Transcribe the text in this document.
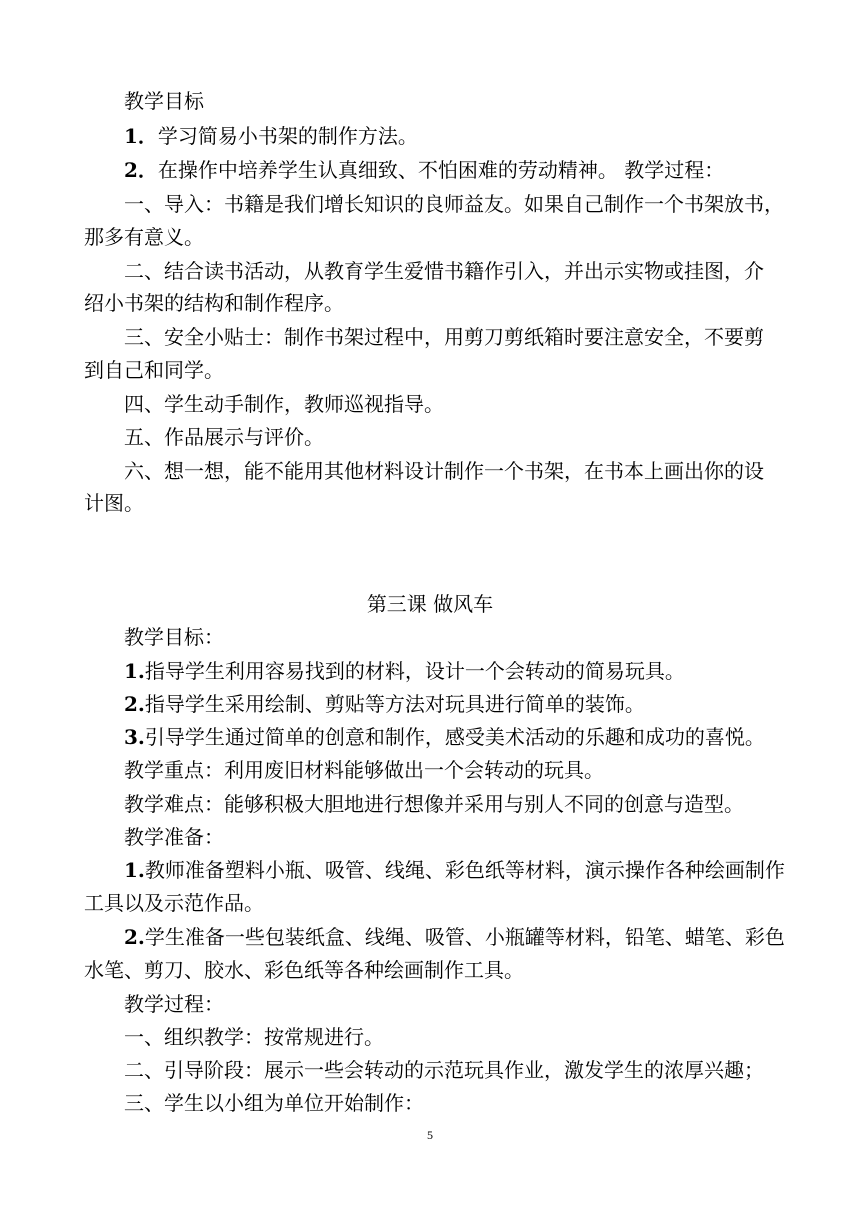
教学目标
1．学习简易小书架的制作方法。
2．在操作中培养学生认真细致、不怕困难的劳动精神。 教学过程：
一、导入：书籍是我们增长知识的良师益友。如果自己制作一个书架放书，
那多有意义。
二、结合读书活动，从教育学生爱惜书籍作引入，并出示实物或挂图，介
绍小书架的结构和制作程序。
三、安全小贴士：制作书架过程中，用剪刀剪纸箱时要注意安全，不要剪
到自己和同学。
四、学生动手制作，教师巡视指导。
五、作品展示与评价。
六、想一想，能不能用其他材料设计制作一个书架，在书本上画出你的设
计图。
第三课 做风车
教学目标：
1.指导学生利用容易找到的材料，设计一个会转动的简易玩具。
2.指导学生采用绘制、剪贴等方法对玩具进行简单的装饰。
3.引导学生通过简单的创意和制作，感受美术活动的乐趣和成功的喜悦。
教学重点：利用废旧材料能够做出一个会转动的玩具。
教学难点：能够积极大胆地进行想像并采用与别人不同的创意与造型。
教学准备：
1.教师准备塑料小瓶、吸管、线绳、彩色纸等材料，演示操作各种绘画制作
工具以及示范作品。
2.学生准备一些包装纸盒、线绳、吸管、小瓶罐等材料，铅笔、蜡笔、彩色
水笔、剪刀、胶水、彩色纸等各种绘画制作工具。
教学过程：
一、组织教学：按常规进行。
二、引导阶段：展示一些会转动的示范玩具作业，激发学生的浓厚兴趣；
三、学生以小组为单位开始制作：
5
